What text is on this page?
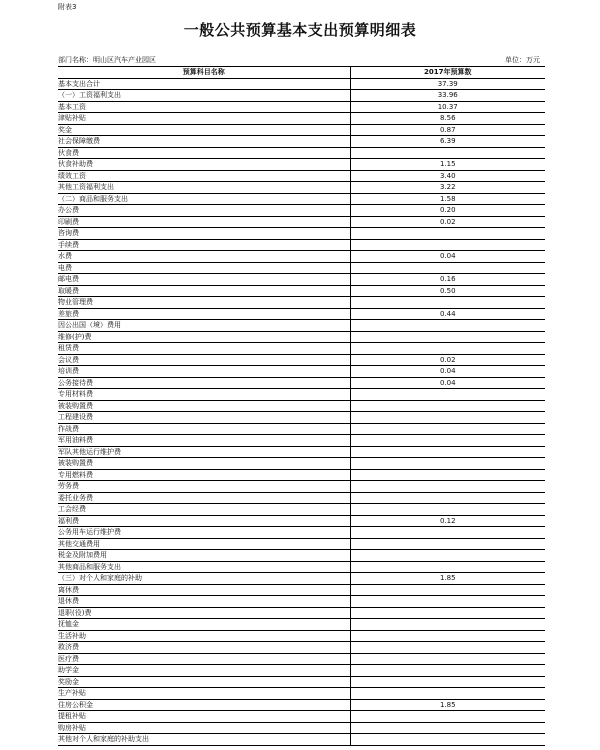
附表3
一般公共预算基本支出预算明细表
部门名称：明山区汽车产业园区	单位：万元
预算科目名称	2017年预算数
基本支出合计	37.39
（一）工资福利支出	33.96
基本工资	10.37
津贴补贴	8.56
奖金	0.87
社会保障缴费	6.39
伙食费	
伙食补助费	1.15
绩效工资	3.40
其他工资福利支出	3.22
（二）商品和服务支出	1.58
办公费	0.20
印刷费	0.02
咨询费	
手续费	
水费	0.04
电费	
邮电费	0.16
取暖费	0.50
物业管理费	
差旅费	0.44
因公出国（境）费用	
维修(护)费	
租赁费	
会议费	0.02
培训费	0.04
公务接待费	0.04
专用材料费	
被装购置费	
工程建设费	
作战费	
军用油料费	
军队其他运行维护费	
被装购置费	
专用燃料费	
劳务费	
委托业务费	
工会经费	
福利费	0.12
公务用车运行维护费	
其他交通费用	
税金及附加费用	
其他商品和服务支出	
（三）对个人和家庭的补助	1.85
离休费	
退休费	
退职(役)费	
抚恤金	
生活补助	
救济费	
医疗费	
助学金	
奖励金	
生产补贴	
住房公积金	1.85
提租补贴	
购房补贴	
其他对个人和家庭的补助支出	
